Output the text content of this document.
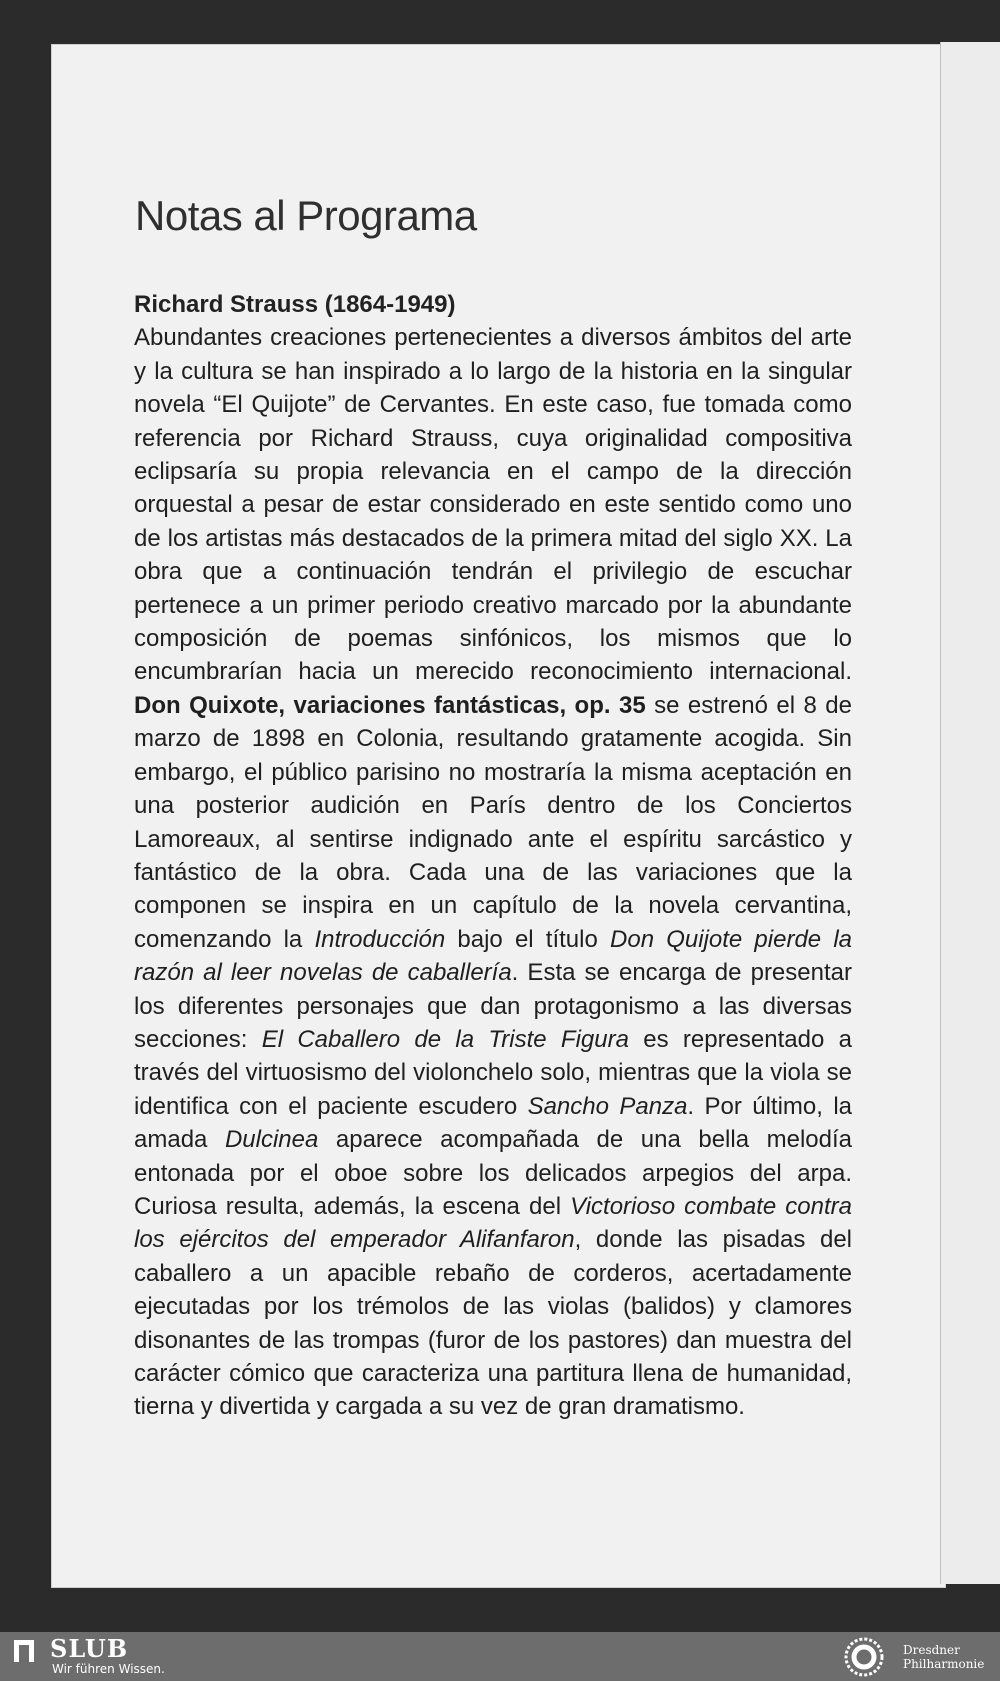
Notas al Programa
Richard Strauss (1864-1949)

Abundantes creaciones pertenecientes a diversos ámbitos del arte y la cultura se han inspirado a lo largo de la historia en la singular novela “El Quijote” de Cervantes. En este caso, fue tomada como referencia por Richard Strauss, cuya originalidad compositiva eclipsaría su propia relevancia en el campo de la dirección orquestal a pesar de estar considerado en este sentido como uno de los artistas más destacados de la primera mitad del siglo XX. La obra que a continuación tendrán el privilegio de escuchar pertenece a un primer periodo creativo marcado por la abundante composición de poemas sinfónicos, los mismos que lo encumbrarían hacia un merecido reconocimiento internacional. Don Quixote, variaciones fantásticas, op. 35 se estrenó el 8 de marzo de 1898 en Colonia, resultando gratamente acogida. Sin embargo, el público parisino no mostraría la misma aceptación en una posterior audición en París dentro de los Conciertos Lamoreaux, al sentirse indignado ante el espíritu sarcástico y fantástico de la obra. Cada una de las variaciones que la componen se inspira en un capítulo de la novela cervantina, comenzando la Introducción bajo el título Don Quijote pierde la razón al leer novelas de caballería. Esta se encarga de presentar los diferentes personajes que dan protagonismo a las diversas secciones: El Caballero de la Triste Figura es representado a través del virtuosismo del violonchelo solo, mientras que la viola se identifica con el paciente escudero Sancho Panza. Por último, la amada Dulcinea aparece acompañada de una bella melodía entonada por el oboe sobre los delicados arpegios del arpa. Curiosa resulta, además, la escena del Victorioso combate contra los ejércitos del emperador Alifanfaron, donde las pisadas del caballero a un apacible rebaño de corderos, acertadamente ejecutadas por los trémolos de las violas (balidos) y clamores disonantes de las trompas (furor de los pastores) dan muestra del carácter cómico que caracteriza una partitura llena de humanidad, tierna y divertida y cargada a su vez de gran dramatismo.

SLUB
Wir führen Wissen.
Dresdner
Philharmonie
